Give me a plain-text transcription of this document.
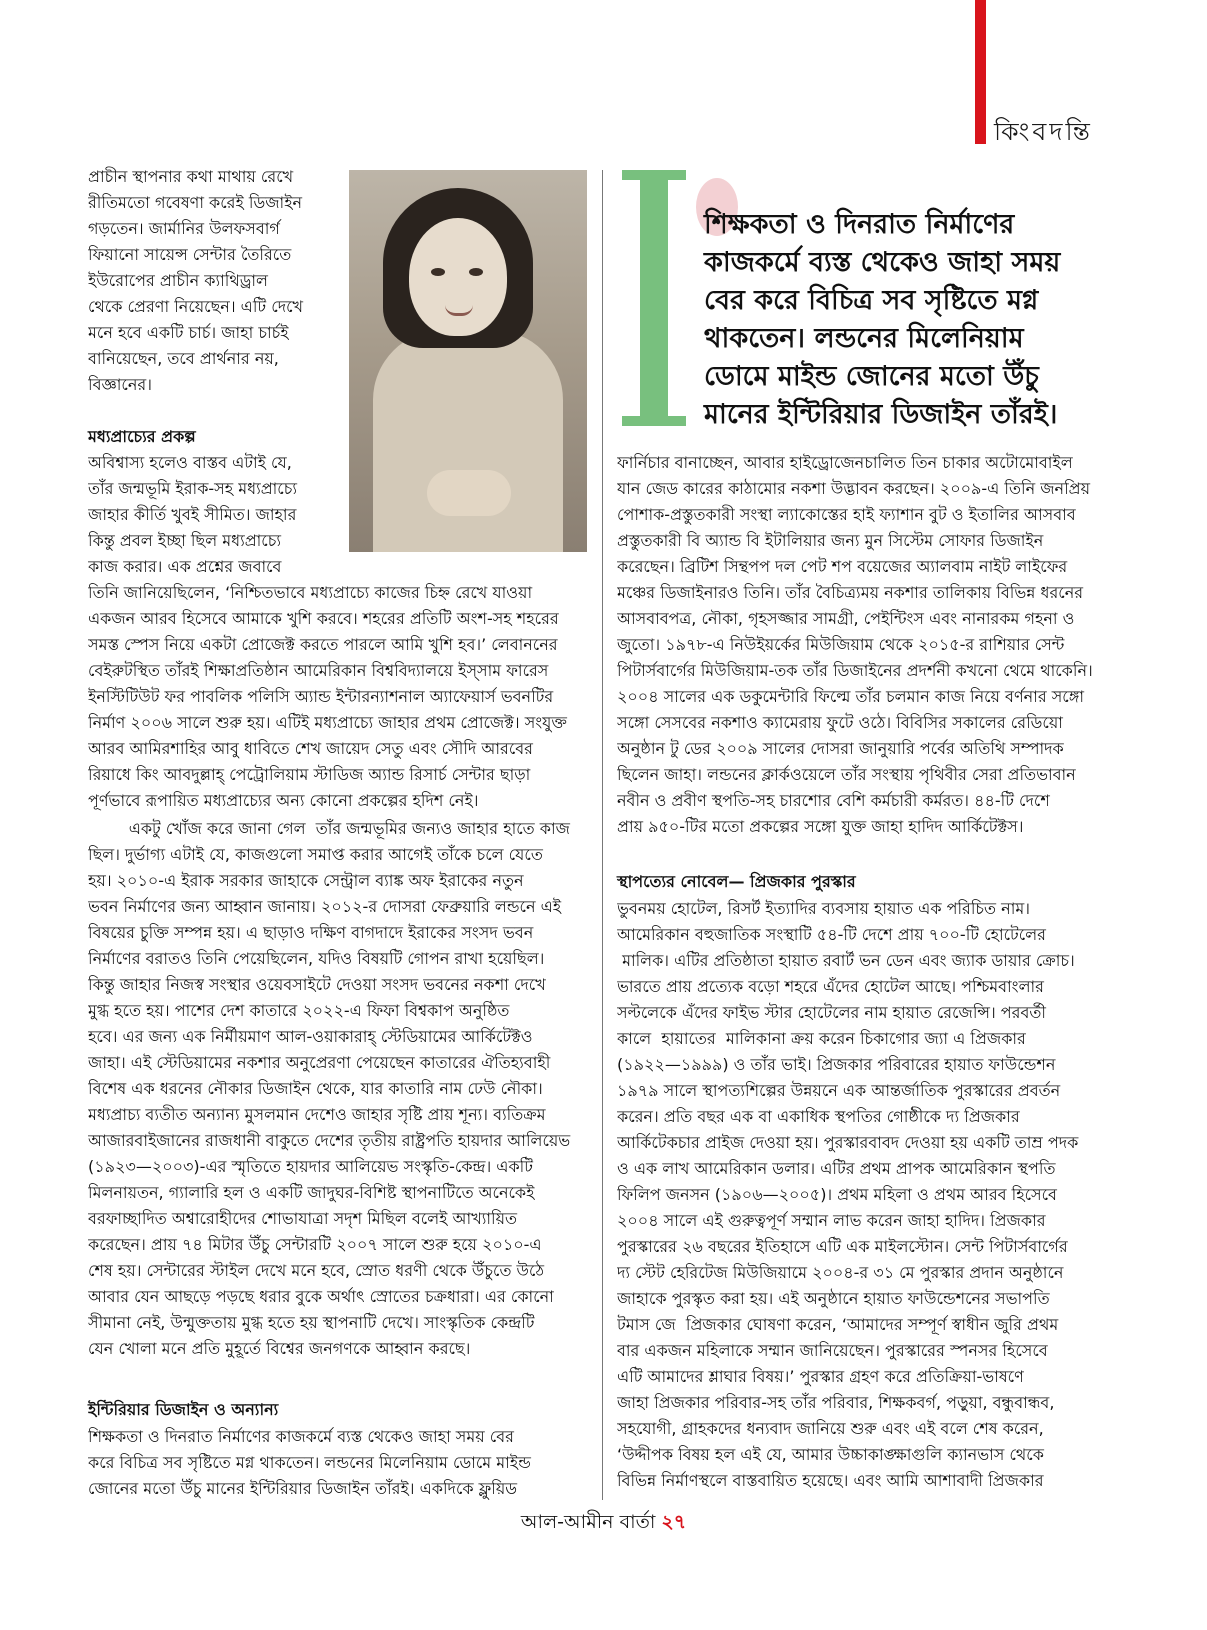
কিংবদন্তি

শিক্ষকতা ও দিনরাত নির্মাণের

কাজকর্মে ব্যস্ত থেকেও জাহা সময়

বের করে বিচিত্র সব সৃষ্টিতে মগ্ন

থাকতেন। লন্ডনের মিলেনিয়াম

ডোমে মাইন্ড জোনের মতো উঁচু

মানের ইন্টিরিয়ার ডিজাইন তাঁরই।

প্রাচীন স্থাপনার কথা মাথায় রেখে

রীতিমতো গবেষণা করেই ডিজাইন

গড়তেন। জার্মানির উলফসবার্গ

ফিয়ানো সায়েন্স সেন্টার তৈরিতে

ইউরোপের প্রাচীন ক্যাথিড্রাল

থেকে প্রেরণা নিয়েছেন। এটি দেখে

মনে হবে একটি চার্চ। জাহা চার্চই

বানিয়েছেন, তবে প্রার্থনার নয়,

বিজ্ঞানের।

মধ্যপ্রাচ্যের প্রকল্প

অবিশ্বাস্য হলেও বাস্তব এটাই যে,

তাঁর জন্মভূমি ইরাক-সহ মধ্যপ্রাচ্যে

জাহার কীর্তি খুবই সীমিত। জাহার

কিন্তু প্রবল ইচ্ছা ছিল মধ্যপ্রাচ্যে

কাজ করার। এক প্রশ্নের জবাবে

তিনি জানিয়েছিলেন, ‘নিশ্চিতভাবে মধ্যপ্রাচ্যে কাজের চিহ্ন রেখে যাওয়া

একজন আরব হিসেবে আমাকে খুশি করবে। শহরের প্রতিটি অংশ-সহ শহরের

সমস্ত স্পেস নিয়ে একটা প্রোজেক্ট করতে পারলে আমি খুশি হব।’ লেবাননের

বেইরুটস্থিত তাঁরই শিক্ষাপ্রতিষ্ঠান আমেরিকান বিশ্ববিদ্যালয়ে ইস্সাম ফারেস

ইনস্টিটিউট ফর পাবলিক পলিসি অ্যান্ড ইন্টারন্যাশনাল অ্যাফেয়ার্স ভবনটির

নির্মাণ ২০০৬ সালে শুরু হয়। এটিই মধ্যপ্রাচ্যে জাহার প্রথম প্রোজেক্ট। সংযুক্ত

আরব আমিরশাহির আবু ধাবিতে শেখ জায়েদ সেতু এবং সৌদি আরবের

রিয়াধে কিং আবদুল্লাহ্ পেট্রোলিয়াম স্টাডিজ অ্যান্ড রিসার্চ সেন্টার ছাড়া

পূর্ণভাবে রূপায়িত মধ্যপ্রাচ্যের অন্য কোনো প্রকল্পের হদিশ নেই।

একটু খোঁজ করে জানা গেল  তাঁর জন্মভূমির জন্যও জাহার হাতে কাজ

ছিল। দুর্ভাগ্য এটাই যে, কাজগুলো সমাপ্ত করার আগেই তাঁকে চলে যেতে

হয়। ২০১০-এ ইরাক সরকার জাহাকে সেন্ট্রাল ব্যাঙ্ক অফ ইরাকের নতুন

ভবন নির্মাণের জন্য আহ্বান জানায়। ২০১২-র দোসরা ফেব্রুয়ারি লন্ডনে এই

বিষয়ের চুক্তি সম্পন্ন হয়। এ ছাড়াও দক্ষিণ বাগদাদে ইরাকের সংসদ ভবন

নির্মাণের বরাতও তিনি পেয়েছিলেন, যদিও বিষয়টি গোপন রাখা হয়েছিল।

কিন্তু জাহার নিজস্ব সংস্থার ওয়েবসাইটে দেওয়া সংসদ ভবনের নকশা দেখে

মুগ্ধ হতে হয়। পাশের দেশ কাতারে ২০২২-এ ফিফা বিশ্বকাপ অনুষ্ঠিত

হবে। এর জন্য এক নির্মীয়মাণ আল-ওয়াকারাহ্ স্টেডিয়ামের আর্কিটেক্টও

জাহা। এই স্টেডিয়ামের নকশার অনুপ্রেরণা পেয়েছেন কাতারের ঐতিহ্যবাহী

বিশেষ এক ধরনের নৌকার ডিজাইন থেকে, যার কাতারি নাম ঢেউ নৌকা।

মধ্যপ্রাচ্য ব্যতীত অন্যান্য মুসলমান দেশেও জাহার সৃষ্টি প্রায় শূন্য। ব্যতিক্রম

আজারবাইজানের রাজধানী বাকুতে দেশের তৃতীয় রাষ্ট্রপতি হায়দার আলিয়েভ

(১৯২৩—২০০৩)-এর স্মৃতিতে হায়দার আলিয়েভ সংস্কৃতি-কেন্দ্র। একটি

মিলনায়তন, গ্যালারি হল ও একটি জাদুঘর-বিশিষ্ট স্থাপনাটিতে অনেকেই

বরফাচ্ছাদিত অশ্বারোহীদের শোভাযাত্রা সদৃশ মিছিল বলেই আখ্যায়িত

করেছেন। প্রায় ৭৪ মিটার উঁচু সেন্টারটি ২০০৭ সালে শুরু হয়ে ২০১০-এ

শেষ হয়। সেন্টারের স্টাইল দেখে মনে হবে, স্রোত ধরণী থেকে উঁচুতে উঠে

আবার যেন আছড়ে পড়ছে ধরার বুকে অর্থাৎ স্রোতের চক্রধারা। এর কোনো

সীমানা নেই, উন্মুক্ততায় মুগ্ধ হতে হয় স্থাপনাটি দেখে। সাংস্কৃতিক কেন্দ্রটি

যেন খোলা মনে প্রতি মুহূর্তে বিশ্বের জনগণকে আহ্বান করছে।

ইন্টিরিয়ার ডিজাইন ও অন্যান্য

শিক্ষকতা ও দিনরাত নির্মাণের কাজকর্মে ব্যস্ত থেকেও জাহা সময় বের

করে বিচিত্র সব সৃষ্টিতে মগ্ন থাকতেন। লন্ডনের মিলেনিয়াম ডোমে মাইন্ড

জোনের মতো উঁচু মানের ইন্টিরিয়ার ডিজাইন তাঁরই। একদিকে ফ্লুয়িড

ফার্নিচার বানাচ্ছেন, আবার হাইড্রোজেনচালিত তিন চাকার অটোমোবাইল

যান জেড কারের কাঠামোর নকশা উদ্ভাবন করছেন। ২০০৯-এ তিনি জনপ্রিয়

পোশাক-প্রস্তুতকারী সংস্থা ল্যাকোস্তের হাই ফ্যাশান বুট ও ইতালির আসবাব

প্রস্তুতকারী বি অ্যান্ড বি ইটালিয়ার জন্য মুন সিস্টেম সোফার ডিজাইন

করেছেন। ব্রিটিশ সিন্থপপ দল পেট শপ বয়েজের অ্যালবাম নাইট লাইফের

মঞ্চের ডিজাইনারও তিনি। তাঁর বৈচিত্র্যময় নকশার তালিকায় বিভিন্ন ধরনের

আসবাবপত্র, নৌকা, গৃহসজ্জার সামগ্রী, পেইন্টিংস এবং নানারকম গহনা ও

জুতো। ১৯৭৮-এ নিউইয়র্কের মিউজিয়াম থেকে ২০১৫-র রাশিয়ার সেন্ট

পিটার্সবার্গের মিউজিয়াম-তক তাঁর ডিজাইনের প্রদর্শনী কখনো থেমে থাকেনি।

২০০৪ সালের এক ডকুমেন্টারি ফিল্মে তাঁর চলমান কাজ নিয়ে বর্ণনার সঙ্গো

সঙ্গো সেসবের নকশাও ক্যামেরায় ফুটে ওঠে। বিবিসির সকালের রেডিয়ো

অনুষ্ঠান টু ডের ২০০৯ সালের দোসরা জানুয়ারি পর্বের অতিথি সম্পাদক

ছিলেন জাহা। লন্ডনের ক্লার্কওয়েলে তাঁর সংস্থায় পৃথিবীর সেরা প্রতিভাবান

নবীন ও প্রবীণ স্থপতি-সহ চারশোর বেশি কর্মচারী কর্মরত। ৪৪-টি দেশে

প্রায় ৯৫০-টির মতো প্রকল্পের সঙ্গো যুক্ত জাহা হাদিদ আর্কিটেক্টস।

স্থাপত্যের নোবেল— প্রিজকার পুরস্কার

ভুবনময় হোটেল, রিসর্ট ইত্যাদির ব্যবসায় হায়াত এক পরিচিত নাম।

আমেরিকান বহুজাতিক সংস্থাটি ৫৪-টি দেশে প্রায় ৭০০-টি হোটেলের

মালিক। এটির প্রতিষ্ঠাতা হায়াত রবার্ট ভন ডেন এবং জ্যাক ডায়ার ক্রোচ।

ভারতে প্রায় প্রত্যেক বড়ো শহরে এঁদের হোটেল আছে। পশ্চিমবাংলার

সল্টলেকে এঁদের ফাইভ স্টার হোটেলের নাম হায়াত রেজেন্সি। পরবর্তী

কালে  হায়াতের  মালিকানা ক্রয় করেন চিকাগোর জ্যা এ প্রিজকার

(১৯২২—১৯৯৯) ও তাঁর ভাই। প্রিজকার পরিবারের হায়াত ফাউন্ডেশন

১৯৭৯ সালে স্থাপত্যশিল্পের উন্নয়নে এক আন্তর্জাতিক পুরস্কারের প্রবর্তন

করেন। প্রতি বছর এক বা একাধিক স্থপতির গোষ্ঠীকে দ্য প্রিজকার

আর্কিটেকচার প্রাইজ দেওয়া হয়। পুরস্কারবাবদ দেওয়া হয় একটি তাম্র পদক

ও এক লাখ আমেরিকান ডলার। এটির প্রথম প্রাপক আমেরিকান স্থপতি

ফিলিপ জনসন (১৯০৬—২০০৫)। প্রথম মহিলা ও প্রথম আরব হিসেবে

২০০৪ সালে এই গুরুত্বপূর্ণ সম্মান লাভ করেন জাহা হাদিদ। প্রিজকার

পুরস্কারের ২৬ বছরের ইতিহাসে এটি এক মাইলস্টোন। সেন্ট পিটার্সবার্গের

দ্য স্টেট হেরিটেজ মিউজিয়ামে ২০০৪-র ৩১ মে পুরস্কার প্রদান অনুষ্ঠানে

জাহাকে পুরস্কৃত করা হয়। এই অনুষ্ঠানে হায়াত ফাউন্ডেশনের সভাপতি

টমাস জে  প্রিজকার ঘোষণা করেন, ‘আমাদের সম্পূর্ণ স্বাধীন জুরি প্রথম

বার একজন মহিলাকে সম্মান জানিয়েছেন। পুরস্কারের স্পনসর হিসেবে

এটি আমাদের শ্লাঘার বিষয়।’ পুরস্কার গ্রহণ করে প্রতিক্রিয়া-ভাষণে

জাহা প্রিজকার পরিবার-সহ তাঁর পরিবার, শিক্ষকবর্গ, পড়ুয়া, বন্ধুবান্ধব,

সহযোগী, গ্রাহকদের ধন্যবাদ জানিয়ে শুরু এবং এই বলে শেষ করেন,

‘উদ্দীপক বিষয় হল এই যে, আমার উচ্চাকাঙ্ক্ষাগুলি ক্যানভাস থেকে

বিভিন্ন নির্মাণস্থলে বাস্তবায়িত হয়েছে। এবং আমি আশাবাদী প্রিজকার

আল-আমীন বার্তা ২৭
